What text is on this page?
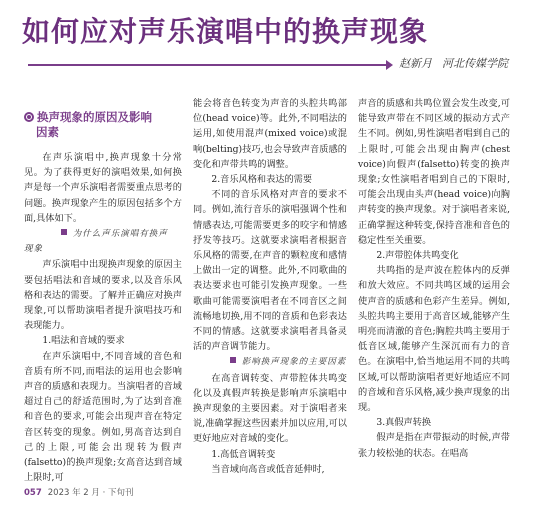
如何应对声乐演唱中的换声现象
赵新月 河北传媒学院
换声现象的原因及影响
因素

在声乐演唱中,换声现象十分常见。为了获得更好的演唱效果,如何换声是每一个声乐演唱者需要重点思考的问题。换声现象产生的原因包括多个方面,具体如下。

为什么声乐演唱有换声

现象

声乐演唱中出现换声现象的原因主要包括唱法和音域的要求,以及音乐风格和表达的需要。了解并正确应对换声现象,可以帮助演唱者提升演唱技巧和表现能力。

1.唱法和音域的要求

在声乐演唱中,不同音域的音色和音质有所不同,而唱法的运用也会影响声音的质感和表现力。当演唱者的音域超过自己的舒适范围时,为了达到音准和音色的要求,可能会出现声音在特定音区转变的现象。例如,男高音达到自己的上限,可能会出现转为假声(falsetto)的换声现象;女高音达到音域上限时,可

能会将音色转变为声音的头腔共鸣部位(head voice)等。此外,不同唱法的运用,如使用混声(mixed voice)或混响(belting)技巧,也会导致声音质感的变化和声带共鸣的调整。

2.音乐风格和表达的需要

不同的音乐风格对声音的要求不同。例如,流行音乐的演唱强调个性和情感表达,可能需要更多的咬字和情感抒发等技巧。这就要求演唱者根据音乐风格的需要,在声音的颗粒度和感情上做出一定的调整。此外,不同歌曲的表达要求也可能引发换声现象。一些歌曲可能需要演唱者在不同音区之间流畅地切换,用不同的音质和色彩表达不同的情感。这就要求演唱者具备灵活的声音调节能力。

影响换声现象的主要因素

在高音调转变、声带腔体共鸣变化以及真假声转换是影响声乐演唱中换声现象的主要因素。对于演唱者来说,准确掌握这些因素并加以应用,可以更好地应对音域的变化。

1.高低音调转变

当音域向高音或低音延伸时,

声音的质感和共鸣位置会发生改变,可能导致声带在不同区域的振动方式产生不同。例如,男性演唱者唱到自己的上限时,可能会出现由胸声(chest voice)向假声(falsetto)转变的换声现象;女性演唱者唱到自己的下限时,可能会出现由头声(head voice)向胸声转变的换声现象。对于演唱者来说,正确掌握这种转变,保持音准和音色的稳定性至关重要。

2.声带腔体共鸣变化

共鸣指的是声波在腔体内的反弹和放大效应。不同共鸣区域的运用会使声音的质感和色彩产生差异。例如,头腔共鸣主要用于高音区域,能够产生明亮而清澈的音色;胸腔共鸣主要用于低音区域,能够产生深沉而有力的音色。在演唱中,恰当地运用不同的共鸣区域,可以帮助演唱者更好地适应不同的音域和音乐风格,减少换声现象的出现。

3.真假声转换

假声是指在声带振动的时候,声带张力较松弛的状态。在唱高

057 2023 年 2 月 · 下旬刊
